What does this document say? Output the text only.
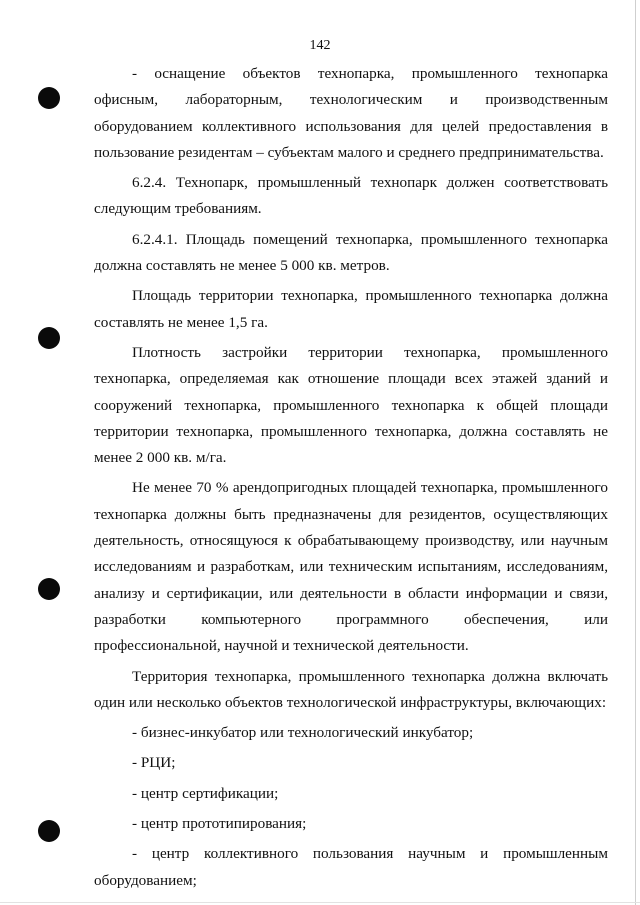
142

- оснащение объектов технопарка, промышленного технопарка офисным, лабораторным, технологическим и производственным оборудованием коллективного использования для целей предоставления в пользование резидентам – субъектам малого и среднего предпринимательства.

6.2.4. Технопарк, промышленный технопарк должен соответствовать следующим требованиям.

6.2.4.1. Площадь помещений технопарка, промышленного технопарка должна составлять не менее 5 000 кв. метров.

Площадь территории технопарка, промышленного технопарка должна составлять не менее 1,5 га.

Плотность застройки территории технопарка, промышленного технопарка, определяемая как отношение площади всех этажей зданий и сооружений технопарка, промышленного технопарка к общей площади территории технопарка, промышленного технопарка, должна составлять не менее 2 000 кв. м/га.

Не менее 70 % арендопригодных площадей технопарка, промышленного технопарка должны быть предназначены для резидентов, осуществляющих деятельность, относящуюся к обрабатывающему производству, или научным исследованиям и разработкам, или техническим испытаниям, исследованиям, анализу и сертификации, или деятельности в области информации и связи, разработки компьютерного программного обеспечения, или профессиональной, научной и технической деятельности.

Территория технопарка, промышленного технопарка должна включать один или несколько объектов технологической инфраструктуры, включающих:

- бизнес-инкубатор или технологический инкубатор;

- РЦИ;

- центр сертификации;

- центр прототипирования;

- центр коллективного пользования научным и промышленным оборудованием;
